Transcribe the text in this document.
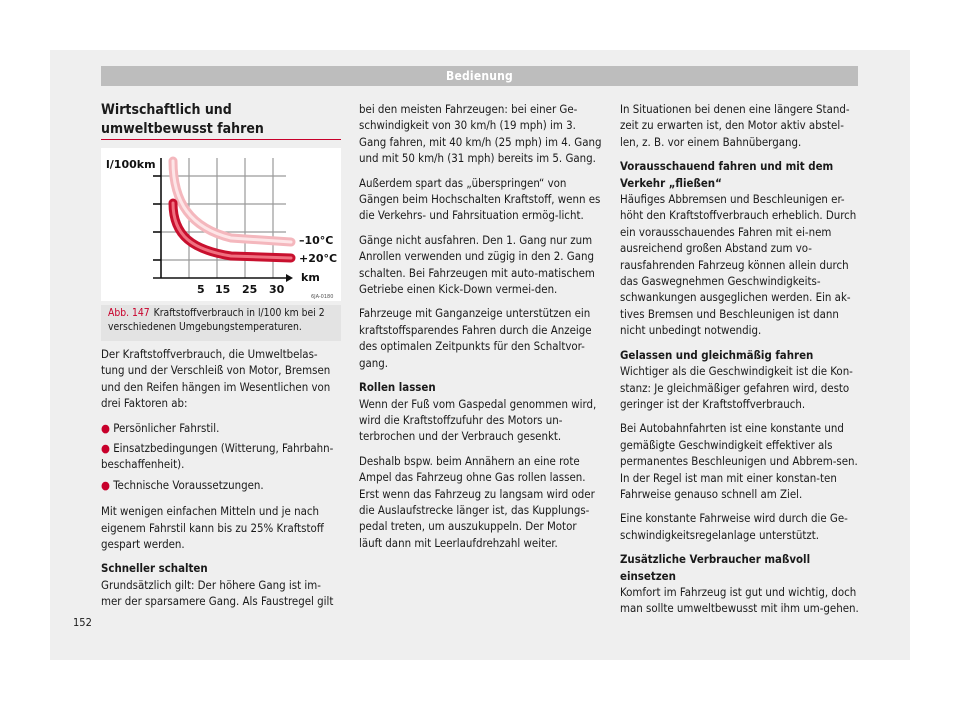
Bedienung
Wirtschaftlich und umweltbewusst fahren
l/100km
–10°C
+20°C
km
5 15 25 30
6JA-0180
Abb. 147 Kraftstoffverbrauch in l/100 km bei 2 verschiedenen Umgebungstemperaturen.

Der Kraftstoffverbrauch, die Umweltbelas-tung und der Verschleiß von Motor, Bremsen und den Reifen hängen im Wesentlichen von drei Faktoren ab:

● Persönlicher Fahrstil.
● Einsatzbedingungen (Witterung, Fahrbahn-beschaffenheit).
● Technische Voraussetzungen.

Mit wenigen einfachen Mitteln und je nach eigenem Fahrstil kann bis zu 25% Kraftstoff gespart werden.

Schneller schalten

Grundsätzlich gilt: Der höhere Gang ist im-mer der sparsamere Gang. Als Faustregel gilt

bei den meisten Fahrzeugen: bei einer Ge-schwindigkeit von 30 km/h (19 mph) im 3. Gang fahren, mit 40 km/h (25 mph) im 4. Gang und mit 50 km/h (31 mph) bereits im 5. Gang.

Außerdem spart das „überspringen“ von Gängen beim Hochschalten Kraftstoff, wenn es die Verkehrs- und Fahrsituation ermög-licht.

Gänge nicht ausfahren. Den 1. Gang nur zum Anrollen verwenden und zügig in den 2. Gang schalten. Bei Fahrzeugen mit auto-matischem Getriebe einen Kick-Down vermei-den.

Fahrzeuge mit Ganganzeige unterstützen ein kraftstoffsparendes Fahren durch die Anzeige des optimalen Zeitpunkts für den Schaltvor-gang.

Rollen lassen

Wenn der Fuß vom Gaspedal genommen wird, wird die Kraftstoffzufuhr des Motors un-terbrochen und der Verbrauch gesenkt.

Deshalb bspw. beim Annähern an eine rote Ampel das Fahrzeug ohne Gas rollen lassen. Erst wenn das Fahrzeug zu langsam wird oder die Auslaufstrecke länger ist, das Kupplungs-pedal treten, um auszukuppeln. Der Motor läuft dann mit Leerlaufdrehzahl weiter.

In Situationen bei denen eine längere Stand-zeit zu erwarten ist, den Motor aktiv abstel-len, z. B. vor einem Bahnübergang.

Vorausschauend fahren und mit dem Verkehr „fließen“

Häufiges Abbremsen und Beschleunigen er-höht den Kraftstoffverbrauch erheblich. Durch ein vorausschauendes Fahren mit ei-nem ausreichend großen Abstand zum vo-rausfahrenden Fahrzeug können allein durch das Gaswegnehmen Geschwindigkeits-schwankungen ausgeglichen werden. Ein ak-tives Bremsen und Beschleunigen ist dann nicht unbedingt notwendig.

Gelassen und gleichmäßig fahren

Wichtiger als die Geschwindigkeit ist die Kon-stanz: Je gleichmäßiger gefahren wird, desto geringer ist der Kraftstoffverbrauch.

Bei Autobahnfahrten ist eine konstante und gemäßigte Geschwindigkeit effektiver als permanentes Beschleunigen und Abbrem-sen. In der Regel ist man mit einer konstan-ten Fahrweise genauso schnell am Ziel.

Eine konstante Fahrweise wird durch die Ge-schwindigkeitsregelanlage unterstützt.

Zusätzliche Verbraucher maßvoll einsetzen

Komfort im Fahrzeug ist gut und wichtig, doch man sollte umweltbewusst mit ihm um-gehen.

152
